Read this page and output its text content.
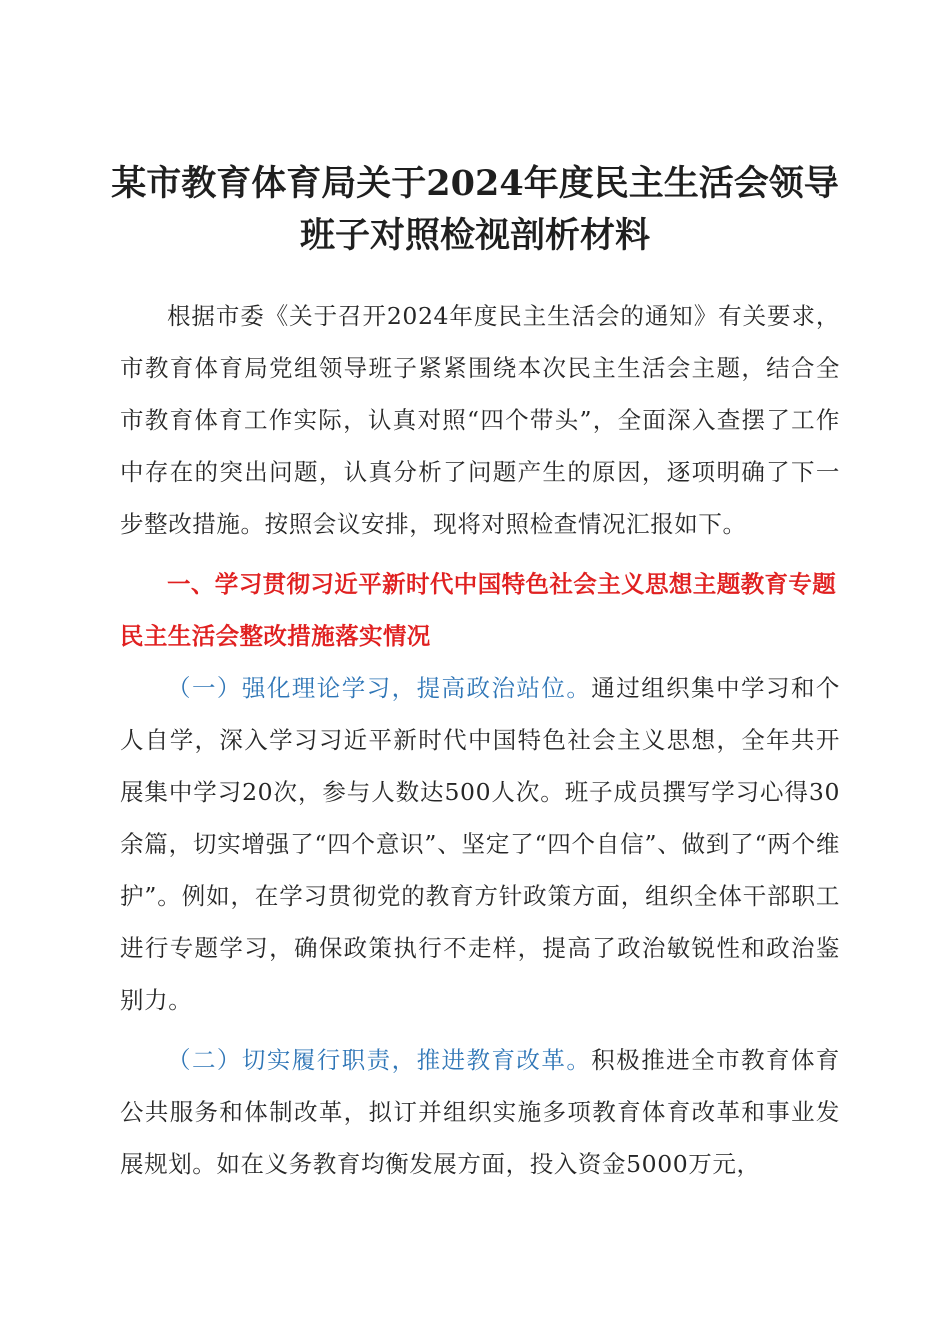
某市教育体育局关于2024年度民主生活会领导
班子对照检视剖析材料

根据市委《关于召开2024年度民主生活会的通知》有关要求，市教育体育局党组领导班子紧紧围绕本次民主生活会主题，结合全市教育体育工作实际，认真对照“四个带头”，全面深入查摆了工作中存在的突出问题，认真分析了问题产生的原因，逐项明确了下一步整改措施。按照会议安排，现将对照检查情况汇报如下。

一、学习贯彻习近平新时代中国特色社会主义思想主题教育专题民主生活会整改措施落实情况

（一）强化理论学习，提高政治站位。通过组织集中学习和个人自学，深入学习习近平新时代中国特色社会主义思想，全年共开展集中学习20次，参与人数达500人次。班子成员撰写学习心得30余篇，切实增强了“四个意识”、坚定了“四个自信”、做到了“两个维护”。例如，在学习贯彻党的教育方针政策方面，组织全体干部职工进行专题学习，确保政策执行不走样，提高了政治敏锐性和政治鉴别力。

（二）切实履行职责，推进教育改革。积极推进全市教育体育公共服务和体制改革，拟订并组织实施多项教育体育改革和事业发展规划。如在义务教育均衡发展方面，投入资金5000万元，
